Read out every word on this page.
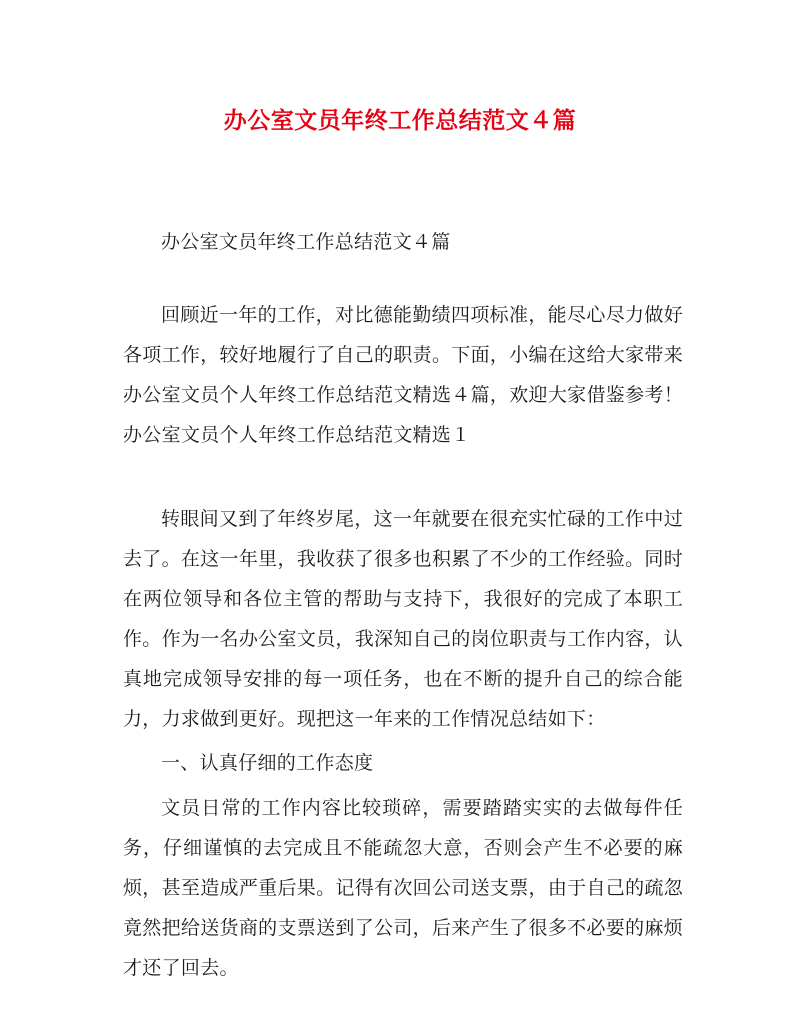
办公室文员年终工作总结范文４篇

办公室文员年终工作总结范文４篇

回顾近一年的工作，对比德能勤绩四项标准，能尽心尽力做好各项工作，较好地履行了自己的职责。下面，小编在这给大家带来办公室文员个人年终工作总结范文精选４篇，欢迎大家借鉴参考！　　办公室文员个人年终工作总结范文精选１

转眼间又到了年终岁尾，这一年就要在很充实忙碌的工作中过去了。在这一年里，我收获了很多也积累了不少的工作经验。同时在两位领导和各位主管的帮助与支持下，我很好的完成了本职工作。作为一名办公室文员，我深知自己的岗位职责与工作内容，认真地完成领导安排的每一项任务，也在不断的提升自己的综合能力，力求做到更好。现把这一年来的工作情况总结如下：

一、认真仔细的工作态度

文员日常的工作内容比较琐碎，需要踏踏实实的去做每件任务，仔细谨慎的去完成且不能疏忽大意，否则会产生不必要的麻烦，甚至造成严重后果。记得有次回公司送支票，由于自己的疏忽竟然把给送货商的支票送到了公司，后来产生了很多不必要的麻烦才还了回去。
